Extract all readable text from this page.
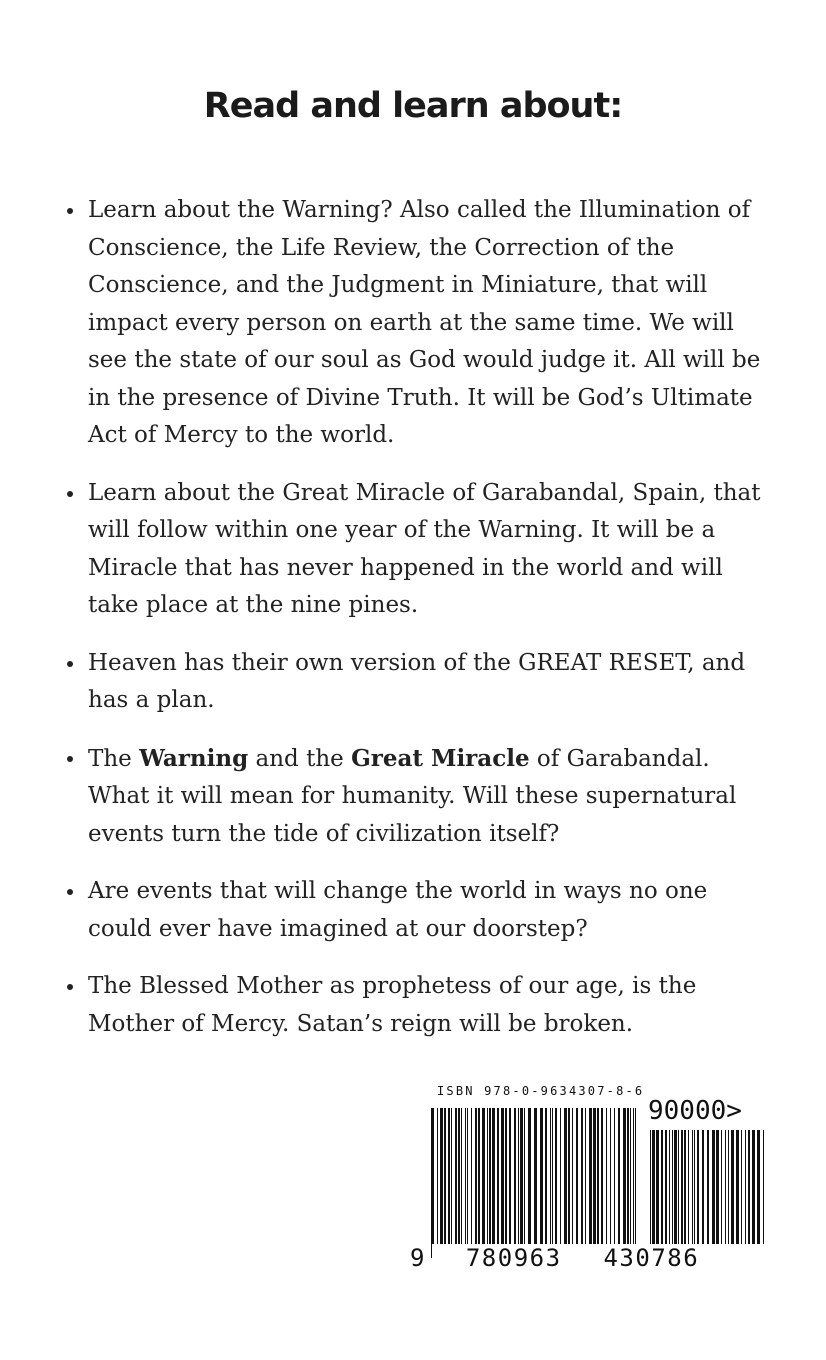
Read and learn about:
Learn about the Warning? Also called the Illumination of Conscience, the Life Review, the Correction of the Conscience, and the Judgment in Miniature, that will impact every person on earth at the same time. We will see the state of our soul as God would judge it. All will be in the presence of Divine Truth. It will be God’s Ultimate Act of Mercy to the world.
Learn about the Great Miracle of Garabandal, Spain, that will follow within one year of the Warning. It will be a Miracle that has never happened in the world and will take place at the nine pines.
Heaven has their own version of the GREAT RESET, and has a plan.
The Warning and the Great Miracle of Garabandal. What it will mean for humanity. Will these supernatural events turn the tide of civilization itself?
Are events that will change the world in ways no one could ever have imagined at our doorstep?
The Blessed Mother as prophetess of our age, is the Mother of Mercy. Satan’s reign will be broken.
ISBN 978-0-9634307-8-6
90000>
9 780963 430786
